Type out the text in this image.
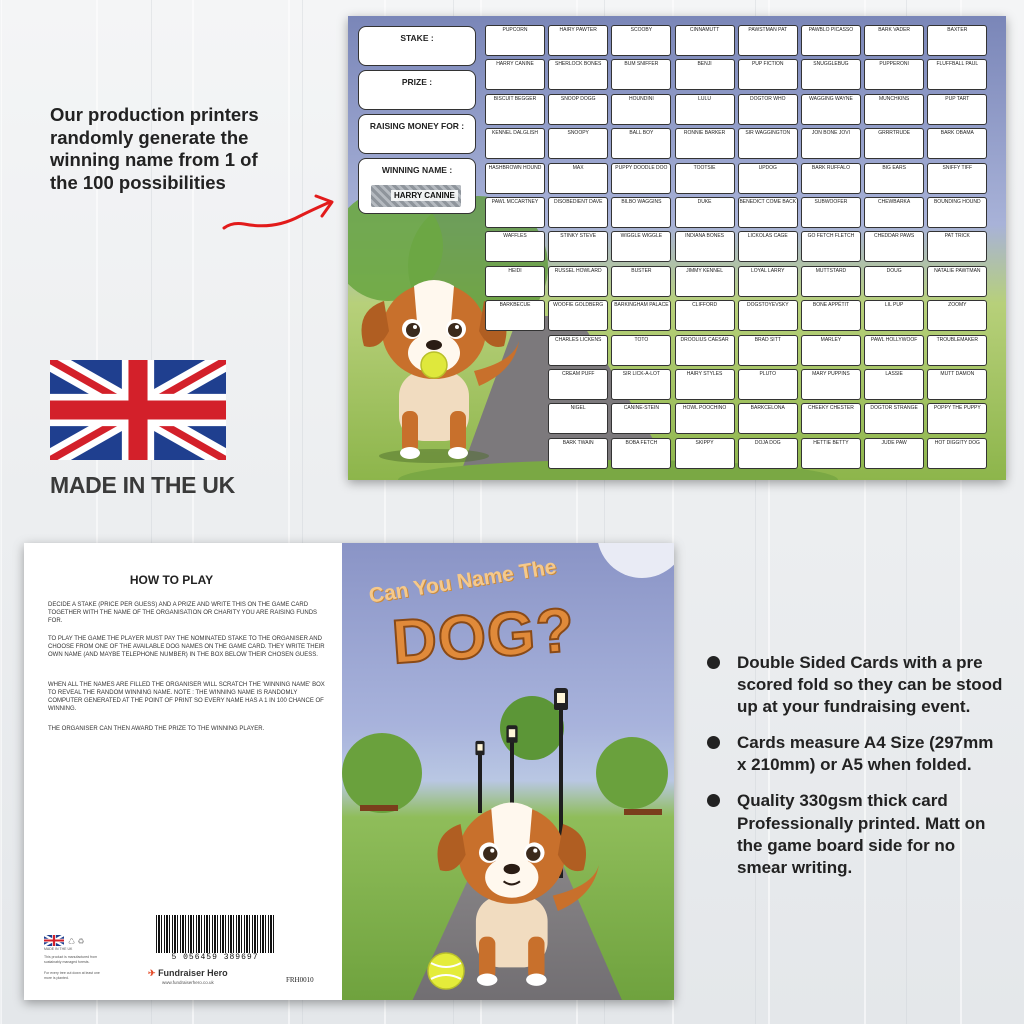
STAKE :
PRIZE :
RAISING MONEY FOR :
WINNING NAME :
HARRY CANINE
PUPCORN	HAIRY PAWTER	SCOOBY	CINNAMUTT	PAWSTMAN PAT	PAWBLO PICASSO	BARK VADER	BAXTER
HARRY CANINE	SHERLOCK BONES	BUM SNIFFER	BENJI	PUP FICTION	SNUGGLEBUG	PUPPERONI	FLUFFBALL PAUL
BISCUIT BEGGER	SNOOP DOGG	HOUNDINI	LULU	DOGTOR WHO	WAGGING WAYNE	MUNCHKINS	PUP TART
KENNEL DALGLISH	SNOOPY	BALL BOY	RONNIE BARKER	SIR WAGGINGTON	JON BONE JOVI	GRRRTRUDE	BARK OBAMA
HASHBROWN HOUND	MAX	PUPPY DOODLE DOO	TOOTSIE	UPDOG	BARK RUFFALO	BIG EARS	SNIFFY TIFF
PAWL MCCARTNEY	DISOBEDIENT DAVE	BILBO WAGGINS	DUKE	BENEDICT COME BACK	SUBWOOFER	CHEWBARKA	BOUNDING HOUND
WAFFLES	STINKY STEVE	WIGGLE WIGGLE	INDIANA BONES	LICKOLAS CAGE	GO FETCH FLETCH	CHEDDAR PAWS	PAT TRICK
HEIDI	RUSSEL HOWLARD	BUSTER	JIMMY KENNEL	LOYAL LARRY	MUTTSTARD	DOUG	NATALIE PAWTMAN
BARKBECUE	WOOFIE GOLDBERG	BARKINGHAM PALACE	CLIFFORD	DOGSTOYEVSKY	BONE APPÉTIT	LIL PUP	ZOOMY
CHARLES LICKENS	TOTO	DROOLIUS CAESAR	BRAD SITT	MARLEY	PAWL HOLLYWOOF	TROUBLEMAKER
CREAM PUFF	SIR LICK-A-LOT	HAIRY STYLES	PLUTO	MARY PUPPINS	LASSIE	MUTT DAMON
NIGEL	CANINE-STEIN	HOWL POOCHINO	BARKCELONA	CHEEKY CHESTER	DOGTOR STRANGE	POPPY THE PUPPY
BARK TWAIN	BOBA FETCH	SKIPPY	DOJA DOG	HETTIE BETTY	JUDE PAW	HOT DIGGITY DOG
Our production printers randomly generate the winning name from 1 of the 100 possibilities
MADE IN THE UK
HOW TO PLAY
DECIDE A STAKE (PRICE PER GUESS) AND A PRIZE AND WRITE THIS ON THE GAME CARD TOGETHER WITH THE NAME OF THE ORGANISATION OR CHARITY YOU ARE RAISING FUNDS FOR.
TO PLAY THE GAME THE PLAYER MUST PAY THE NOMINATED STAKE TO THE ORGANISER AND CHOOSE FROM ONE OF THE AVAILABLE DOG NAMES ON THE GAME CARD. THEY WRITE THEIR OWN NAME (AND MAYBE TELEPHONE NUMBER) IN THE BOX BELOW THEIR CHOSEN GUESS.
WHEN ALL THE NAMES ARE FILLED THE ORGANISER WILL SCRATCH THE 'WINNING NAME' BOX TO REVEAL THE RANDOM WINNING NAME. NOTE : THE WINNING NAME IS RANDOMLY COMPUTER GENERATED AT THE POINT OF PRINT SO EVERY NAME HAS A 1 IN 100 CHANCE OF WINNING.
THE ORGANISER CAN THEN AWARD THE PRIZE TO THE WINNING PLAYER.
♺ ♻
MADE IN THE UK
This product is manufactured from sustainably managed forests.
For every tree cut down at least one more is planted.
5 056459 389697
✈ Fundraiser Hero
www.fundraiserhero.co.uk	FRH0010
Can You Name The
DOG?	Double Sided Cards with a pre scored fold so they can be stood up at your fundraising event.
Cards measure A4 Size (297mm x 210mm) or A5 when folded.
Quality 330gsm thick card Professionally printed. Matt on the game board side for no smear writing.
